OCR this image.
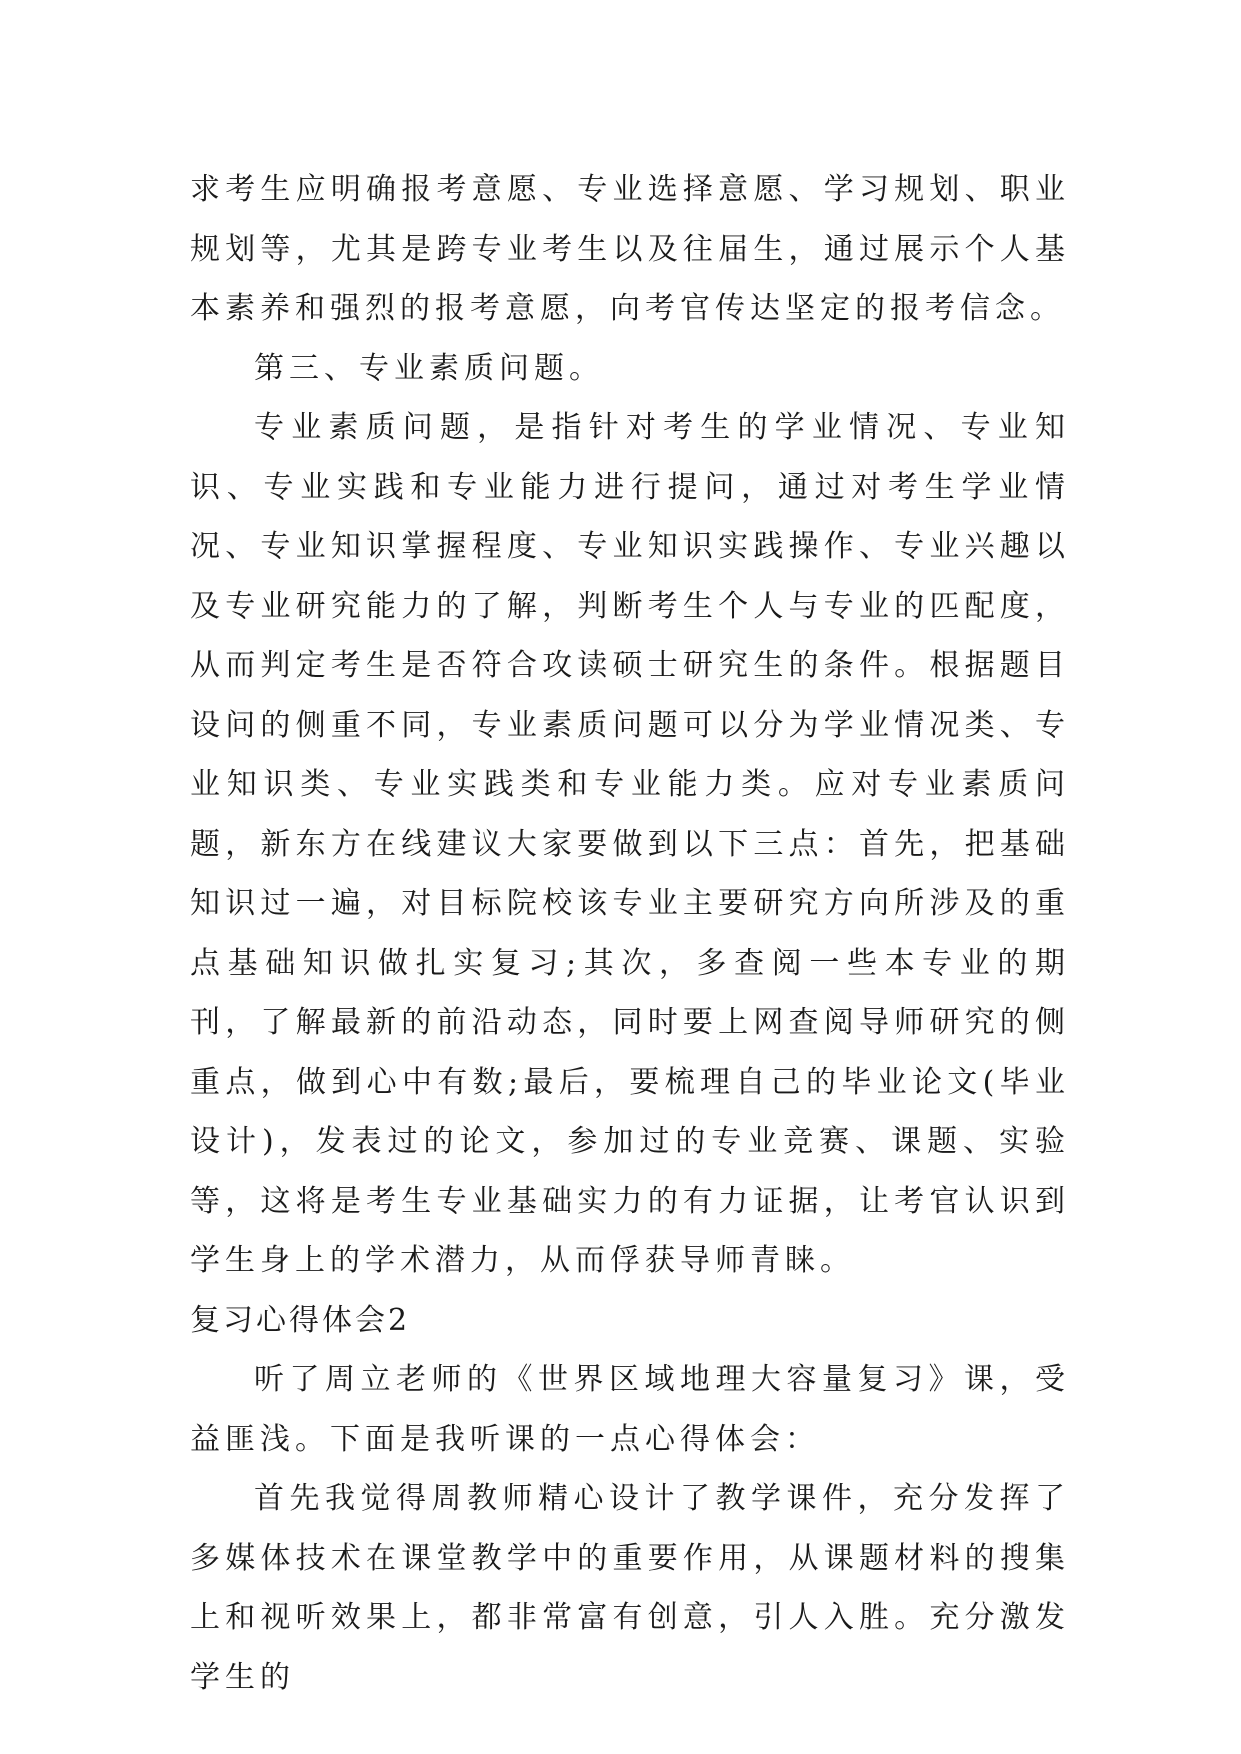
求考生应明确报考意愿、专业选择意愿、学习规划、职业规划等，尤其是跨专业考生以及往届生，通过展示个人基本素养和强烈的报考意愿，向考官传达坚定的报考信念。

第三、专业素质问题。

专业素质问题，是指针对考生的学业情况、专业知识、专业实践和专业能力进行提问，通过对考生学业情况、专业知识掌握程度、专业知识实践操作、专业兴趣以及专业研究能力的了解，判断考生个人与专业的匹配度，从而判定考生是否符合攻读硕士研究生的条件。根据题目设问的侧重不同，专业素质问题可以分为学业情况类、专业知识类、专业实践类和专业能力类。应对专业素质问题，新东方在线建议大家要做到以下三点：首先，把基础知识过一遍，对目标院校该专业主要研究方向所涉及的重点基础知识做扎实复习;其次，多查阅一些本专业的期刊，了解最新的前沿动态，同时要上网查阅导师研究的侧重点，做到心中有数;最后，要梳理自己的毕业论文(毕业设计)，发表过的论文，参加过的专业竞赛、课题、实验等，这将是考生专业基础实力的有力证据，让考官认识到学生身上的学术潜力，从而俘获导师青睐。

复习心得体会2

听了周立老师的《世界区域地理大容量复习》课，受益匪浅。下面是我听课的一点心得体会：

首先我觉得周教师精心设计了教学课件，充分发挥了多媒体技术在课堂教学中的重要作用，从课题材料的搜集上和视听效果上，都非常富有创意，引人入胜。充分激发学生的
